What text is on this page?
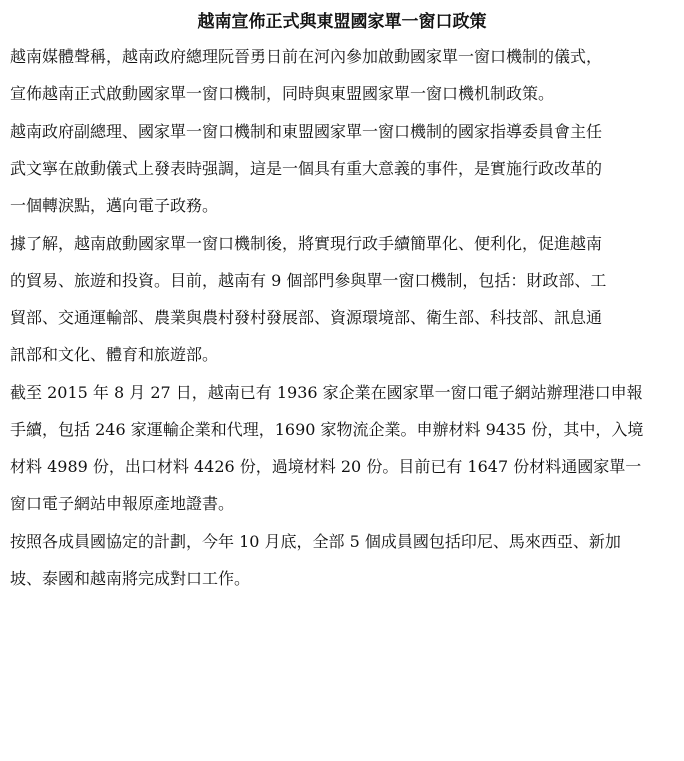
越南宣佈正式與東盟國家單一窗口政策
越南媒體聲稱，越南政府總理阮晉勇日前在河內參加啟動國家單一窗口機制的儀式，
宣佈越南正式啟動國家單一窗口機制，同時與東盟國家單一窗口機机制政策。
越南政府副總理、國家單一窗口機制和東盟國家單一窗口機制的國家指導委員會主任
武文寧在啟動儀式上發表時强調，這是一個具有重大意義的事件，是實施行政改革的
一個轉淚點，邁向電子政務。
據了解，越南啟動國家單一窗口機制後，將實現行政手續簡單化、便利化，促進越南
的貿易、旅遊和投資。目前，越南有 9 個部門參與單一窗口機制，包括：財政部、工
貿部、交通運輸部、農業與農村發村發展部、資源環境部、衛生部、科技部、訊息通
訊部和文化、體育和旅遊部。
截至 2015 年 8 月 27 日，越南已有 1936 家企業在國家單一窗口電子網站辦理港口申報
手續，包括 246 家運輸企業和代理，1690 家物流企業。申辦材料 9435 份，其中，入境
材料 4989 份，出口材料 4426 份，過境材料 20 份。目前已有 1647 份材料通國家單一
窗口電子網站申報原產地證書。
按照各成員國協定的計劃，今年 10 月底，全部 5 個成員國包括印尼、馬來西亞、新加
坡、泰國和越南將完成對口工作。
